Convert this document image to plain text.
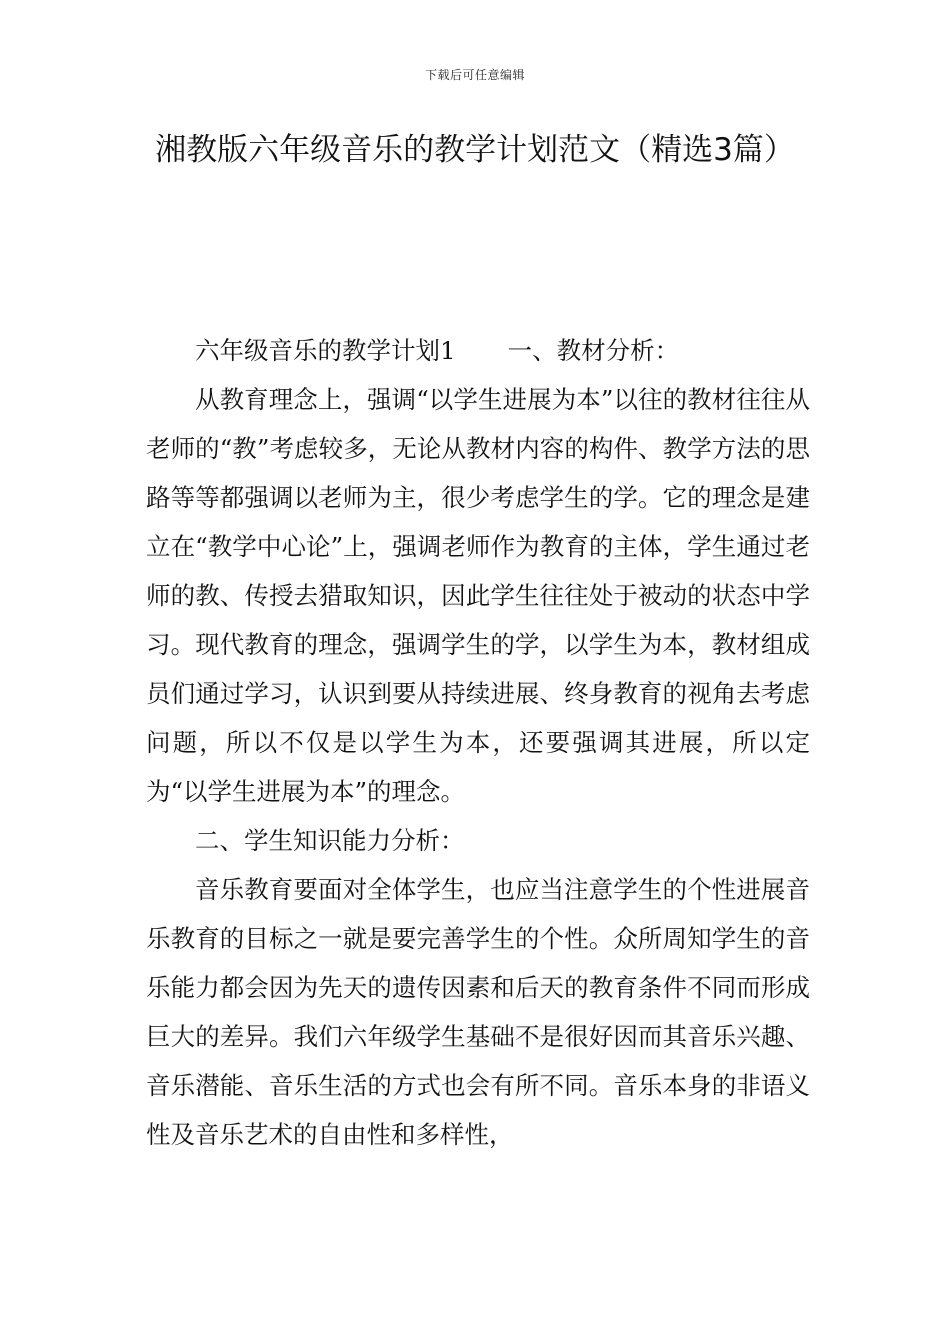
下载后可任意编辑
湘教版六年级音乐的教学计划范文（精选3篇）

六年级音乐的教学计划1 一、教材分析：

从教育理念上，强调“以学生进展为本”以往的教材往往从老师的“教”考虑较多，无论从教材内容的构件、教学方法的思路等等都强调以老师为主，很少考虑学生的学。它的理念是建立在“教学中心论”上，强调老师作为教育的主体，学生通过老师的教、传授去猎取知识，因此学生往往处于被动的状态中学习。现代教育的理念，强调学生的学，以学生为本，教材组成员们通过学习，认识到要从持续进展、终身教育的视角去考虑问题，所以不仅是以学生为本，还要强调其进展，所以定为“以学生进展为本”的理念。

二、学生知识能力分析：

音乐教育要面对全体学生，也应当注意学生的个性进展音乐教育的目标之一就是要完善学生的个性。众所周知学生的音乐能力都会因为先天的遗传因素和后天的教育条件不同而形成巨大的差异。我们六年级学生基础不是很好因而其音乐兴趣、音乐潜能、音乐生活的方式也会有所不同。音乐本身的非语义性及音乐艺术的自由性和多样性，
